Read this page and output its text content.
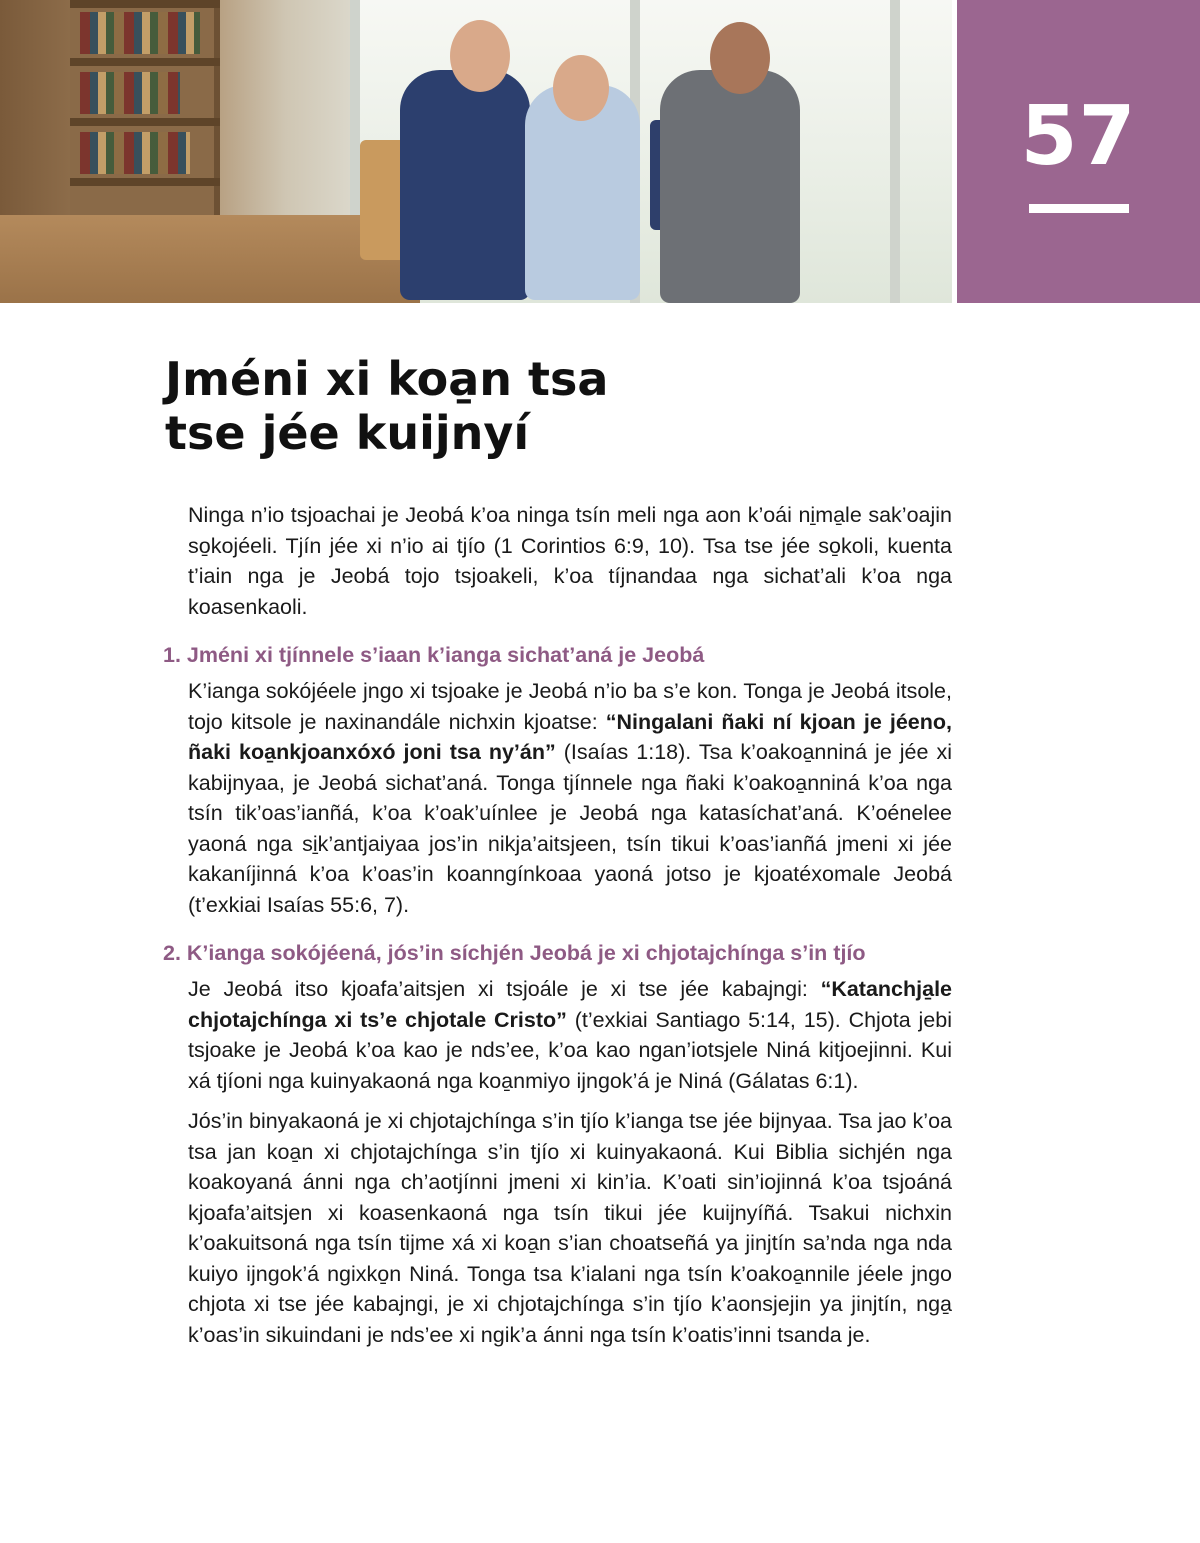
57
Jméni xi koa̱n tsa
tse jée kuijnyí

Ninga n’io tsjoachai je Jeobá k’oa ninga tsín meli nga aon k’oái ni̱ma̱le sak’oajin so̱kojéeli. Tjín jée xi n’io ai tjío (1 Corintios 6:9, 10). Tsa tse jée so̱koli, kuenta t’iain nga je Jeobá tojo tsjoakeli, k’oa tíjnandaa nga sichat’ali k’oa nga koasenkaoli.

1. Jméni xi tjínnele s’iaan k’ianga sichat’aná je Jeobá

K’ianga sokójéele jngo xi tsjoake je Jeobá n’io ba s’e kon. Tonga je Jeobá itsole, tojo kitsole je naxinandále nichxin kjoatse: “Ningalani ñaki ní kjoan je jéeno, ñaki koa̱nkjoanxóxó joni tsa ny’án” (Isaías 1:18). Tsa k’oakoa̱nniná je jée xi kabijnyaa, je Jeobá sichat’aná. Tonga tjínnele nga ñaki k’oakoa̱nniná k’oa nga tsín tik’oas’ianñá, k’oa k’oak’uínlee je Jeobá nga katasíchat’aná. K’oénelee yaoná nga si̱k’antjaiyaa jos’in nikja’aitsjeen, tsín tikui k’oas’ianñá jmeni xi jée kakaníjinná k’oa k’oas’in koanngínkoaa yaoná jotso je kjoatéxomale Jeobá (t’exkiai Isaías 55:6, 7).

2. K’ianga sokójéená, jós’in síchjén Jeobá je xi chjotajchínga s’in tjío

Je Jeobá itso kjoafa’aitsjen xi tsjoále je xi tse jée kabajngi: “Katanchja̱le chjotajchínga xi ts’e chjotale Cristo” (t’exkiai Santiago 5:14, 15). Chjota jebi tsjoake je Jeobá k’oa kao je nds’ee, k’oa kao ngan’iotsjele Niná kitjoejinni. Kui xá tjíoni nga kuinyakaoná nga koa̱nmiyo ijngok’á je Niná (Gálatas 6:1).

Jós’in binyakaoná je xi chjotajchínga s’in tjío k’ianga tse jée bijnyaa. Tsa jao k’oa tsa jan koa̱n xi chjotajchínga s’in tjío xi kuinyakaoná. Kui Biblia sichjén nga koakoyaná ánni nga ch’aotjínni jmeni xi kin’ia. K’oati sin’iojinná k’oa tsjoáná kjoafa’aitsjen xi koasenkaoná nga tsín tikui jée kuijnyíñá. Tsakui nichxin k’oakuitsoná nga tsín tijme xá xi koa̱n s’ian choatseñá ya jinjtín sa’nda nga nda kuiyo ijngok’á ngixko̱n Niná. Tonga tsa k’ialani nga tsín k’oakoa̱nnile jéele jngo chjota xi tse jée kabajngi, je xi chjotajchínga s’in tjío k’aonsjejin ya jinjtín, nga̱ k’oas’in sikuindani je nds’ee xi ngik’a ánni nga tsín k’oatis’inni tsanda je.
